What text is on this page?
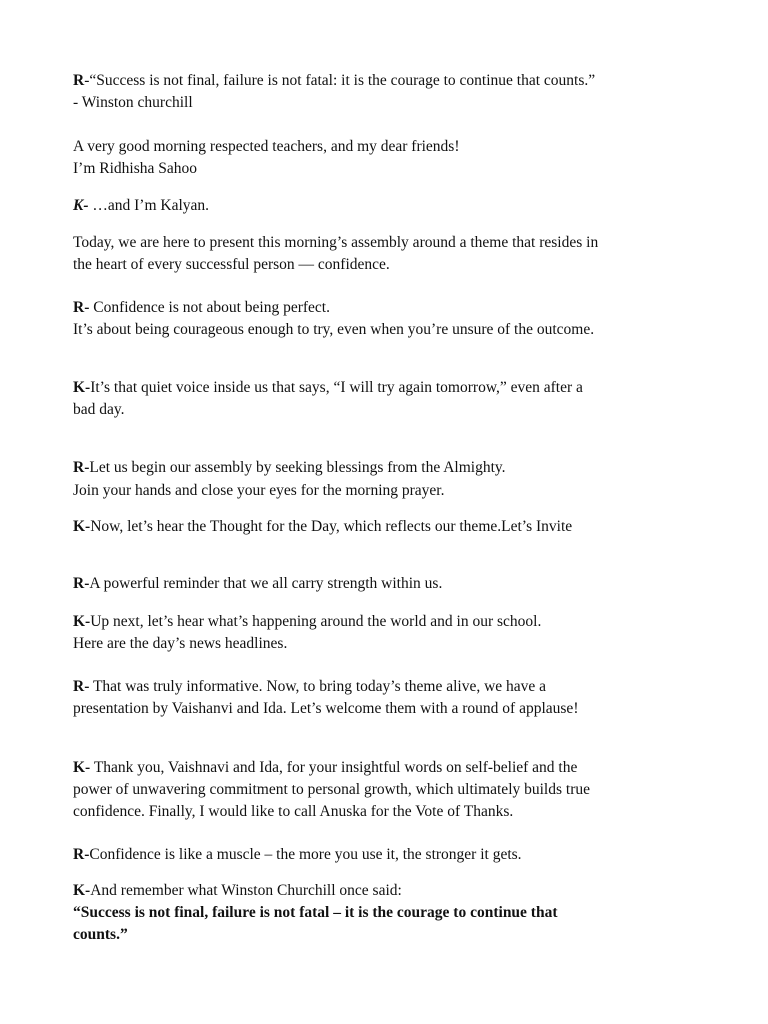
R-“Success is not final, failure is not fatal: it is the courage to continue that counts.”

- Winston churchill

A very good morning respected teachers, and my dear friends!

I’m Ridhisha Sahoo

K- …and I’m Kalyan.

Today, we are here to present this morning’s assembly around a theme that resides in

the heart of every successful person — confidence.

R- Confidence is not about being perfect.

It’s about being courageous enough to try, even when you’re unsure of the outcome.

K-It’s that quiet voice inside us that says, “I will try again tomorrow,” even after a

bad day.

R-Let us begin our assembly by seeking blessings from the Almighty.

Join your hands and close your eyes for the morning prayer.

K-Now, let’s hear the Thought for the Day, which reflects our theme.Let’s Invite

R-A powerful reminder that we all carry strength within us.

K-Up next, let’s hear what’s happening around the world and in our school.

Here are the day’s news headlines.

R- That was truly informative. Now, to bring today’s theme alive, we have a

presentation by Vaishanvi and Ida. Let’s welcome them with a round of applause!

K- Thank you, Vaishnavi and Ida, for your insightful words on self-belief and the

power of unwavering commitment to personal growth, which ultimately builds true

confidence. Finally, I would like to call Anuska for the Vote of Thanks.

R-Confidence is like a muscle – the more you use it, the stronger it gets.

K-And remember what Winston Churchill once said:

“Success is not final, failure is not fatal – it is the courage to continue that

counts.”
